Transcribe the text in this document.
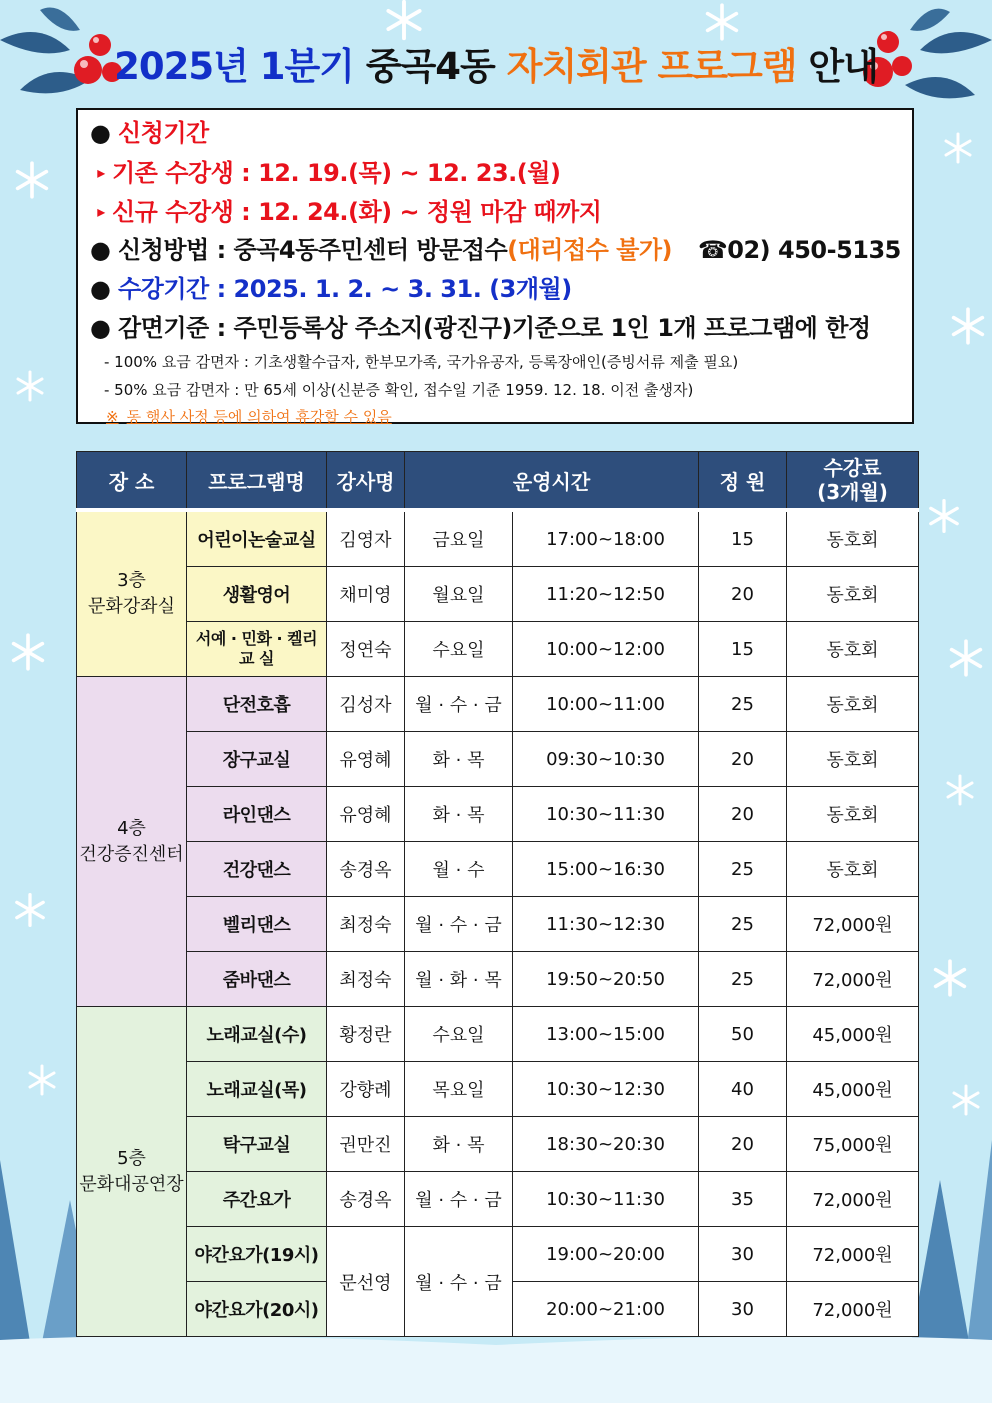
2025년 1분기 중곡4동 자치회관 프로그램 안내
● 신청기간
▸ 기존 수강생 : 12. 19.(목) ~ 12. 23.(월)
▸ 신규 수강생 : 12. 24.(화) ~ 정원 마감 때까지
● 신청방법 : 중곡4동주민센터 방문접수(대리접수 불가) ☎02) 450-5135
● 수강기간 : 2025. 1. 2. ~ 3. 31. (3개월)
● 감면기준 : 주민등록상 주소지(광진구)기준으로 1인 1개 프로그램에 한정
- 100% 요금 감면자 : 기초생활수급자, 한부모가족, 국가유공자, 등록장애인(증빙서류 제출 필요)
- 50% 요금 감면자 : 만 65세 이상(신분증 확인, 접수일 기준 1959. 12. 18. 이전 출생자)
※ 동 행사 사정 등에 의하여 휴강할 수 있음
장 소	프로그램명	강사명	운영시간		정 원	수강료
(3개월)
3층
문화강좌실	어린이논술교실	김영자	금요일	17:00~18:00	15	동호회
	생활영어	채미영	월요일	11:20~12:50	20	동호회
	서예 · 민화 · 켈리
교 실	정연숙	수요일	10:00~12:00	15	동호회
4층
건강증진센터	단전호흡	김성자	월 · 수 · 금	10:00~11:00	25	동호회
	장구교실	유영혜	화 · 목	09:30~10:30	20	동호회
	라인댄스	유영혜	화 · 목	10:30~11:30	20	동호회
	건강댄스	송경옥	월 · 수	15:00~16:30	25	동호회
	벨리댄스	최정숙	월 · 수 · 금	11:30~12:30	25	72,000원
	줌바댄스	최정숙	월 · 화 · 목	19:50~20:50	25	72,000원
5층
문화대공연장	노래교실(수)	황정란	수요일	13:00~15:00	50	45,000원
	노래교실(목)	강향례	목요일	10:30~12:30	40	45,000원
	탁구교실	권만진	화 · 목	18:30~20:30	20	75,000원
	주간요가	송경옥	월 · 수 · 금	10:30~11:30	35	72,000원
	야간요가(19시)	문선영	월 · 수 · 금	19:00~20:00	30	72,000원
	야간요가(20시)			20:00~21:00	30	72,000원
